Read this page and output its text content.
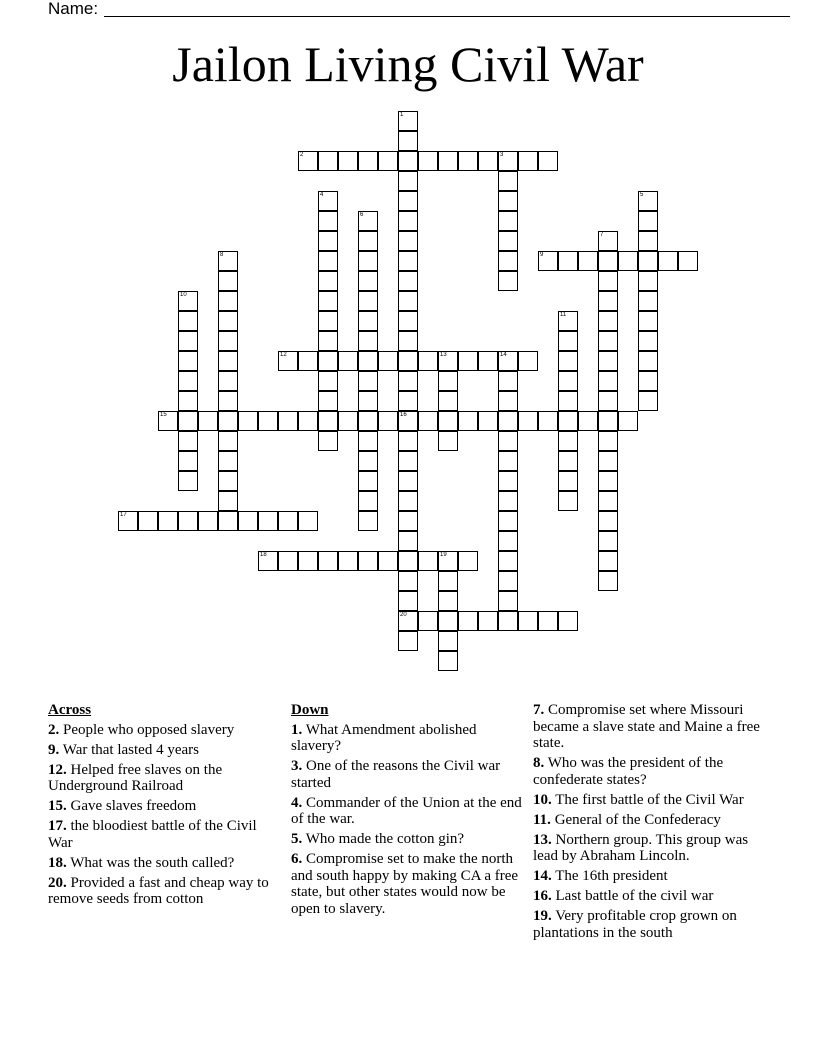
Name:
Jailon Living Civil War
1
16
20
2	3
4	5
6
7
8	9
10
11
12	13	14
15
17
18	19
Across
2. People who opposed slavery
9. War that lasted 4 years
12. Helped free slaves on the Underground Railroad
15. Gave slaves freedom
17. the bloodiest battle of the Civil War
18. What was the south called?
20. Provided a fast and cheap way to remove seeds from cotton
Down
1. What Amendment abolished slavery?
3. One of the reasons the Civil war started
4. Commander of the Union at the end of the war.
5. Who made the cotton gin?
6. Compromise set to make the north and south happy by making CA a free state, but other states would now be open to slavery.
7. Compromise set where Missouri became a slave state and Maine a free state.
8. Who was the president of the confederate states?
10. The first battle of the Civil War
11. General of the Confederacy
13. Northern group. This group was lead by Abraham Lincoln.
14. The 16th president
16. Last battle of the civil war
19. Very profitable crop grown on plantations in the south
